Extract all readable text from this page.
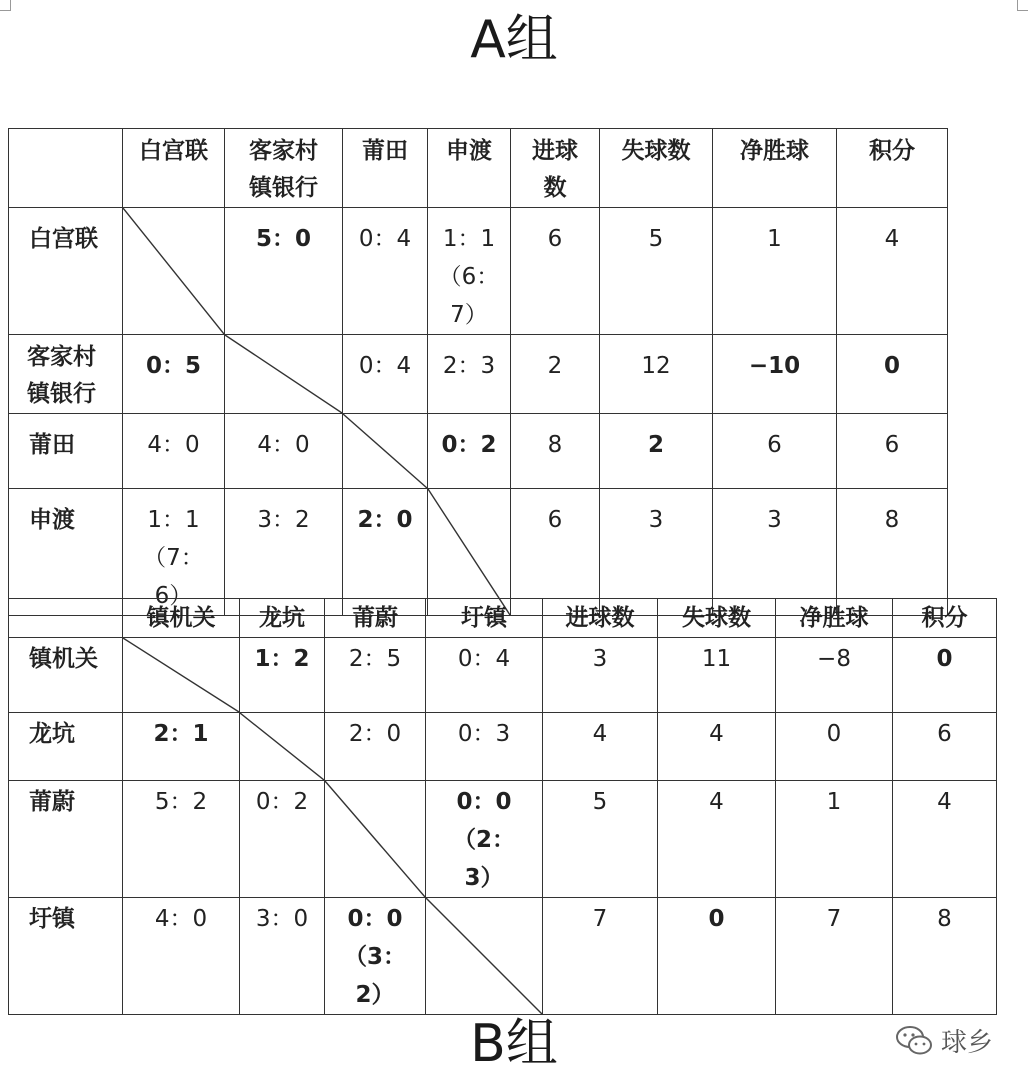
A组

	白宫联	客家村
镇银行	莆田	申渡	进球
数	失球数	净胜球	积分

白宫联		5：0	0：4	1：1
（6：
7）	6	5	1	4

客家村
镇银行	0：5		0：4	2：3	2	12	−10	0

莆田	4：0	4：0		0：2	8	2	6	6

申渡	1：1
（7：
6）	3：2	2：0		6	3	3	8

	镇机关	龙坑	莆蔚	圩镇	进球数	失球数	净胜球	积分

镇机关		1：2	2：5	0：4	3	11	−8	0

龙坑	2：1		2：0	0：3	4	4	0	6

莆蔚	5：2	0：2		0：0
（2：
3）	5	4	1	4

圩镇	4：0	3：0	0：0
（3：
2）		7	0	7	8
B组	球乡
